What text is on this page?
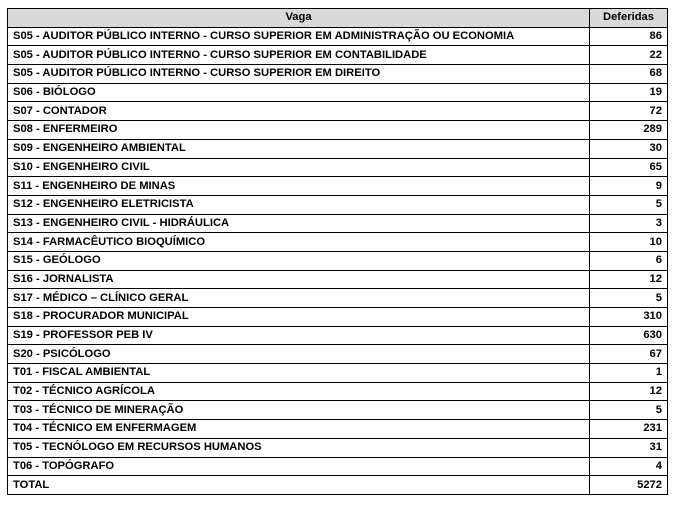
Vaga	Deferidas
S05 - AUDITOR PÚBLICO INTERNO - CURSO SUPERIOR EM ADMINISTRAÇÃO OU ECONOMIA	86
S05 - AUDITOR PÚBLICO INTERNO - CURSO SUPERIOR EM CONTABILIDADE	22
S05 - AUDITOR PÚBLICO INTERNO - CURSO SUPERIOR EM DIREITO	68
S06 - BIÓLOGO	19
S07 - CONTADOR	72
S08 - ENFERMEIRO	289
S09 - ENGENHEIRO AMBIENTAL	30
S10 - ENGENHEIRO CIVIL	65
S11 - ENGENHEIRO DE MINAS	9
S12 - ENGENHEIRO ELETRICISTA	5
S13 - ENGENHEIRO CIVIL - HIDRÁULICA	3
S14 - FARMACÊUTICO BIOQUÍMICO	10
S15 - GEÓLOGO	6
S16 - JORNALISTA	12
S17 - MÉDICO – CLÍNICO GERAL	5
S18 - PROCURADOR MUNICIPAL	310
S19 - PROFESSOR PEB IV	630
S20 - PSICÓLOGO	67
T01 - FISCAL AMBIENTAL	1
T02 - TÉCNICO AGRÍCOLA	12
T03 - TÉCNICO DE MINERAÇÃO	5
T04 - TÉCNICO EM ENFERMAGEM	231
T05 - TECNÓLOGO EM RECURSOS HUMANOS	31
T06 - TOPÓGRAFO	4
TOTAL	5272
